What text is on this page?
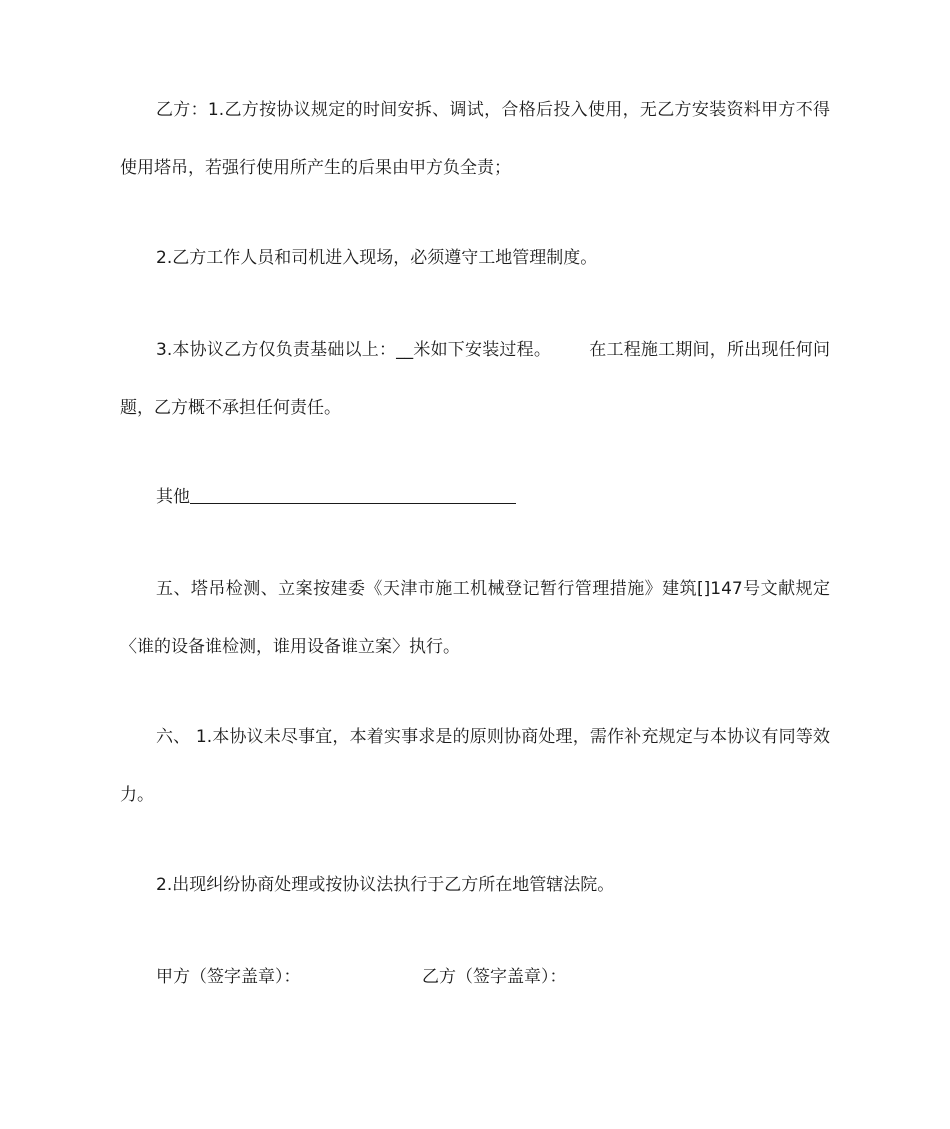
乙方：1.乙方按协议规定的时间安拆、调试，合格后投入使用，无乙方安装资料甲方不得使用塔吊，若强行使用所产生的后果由甲方负全责；

2.乙方工作人员和司机进入现场，必须遵守工地管理制度。

3.本协议乙方仅负责基础以上：__米如下安装过程。 在工程施工期间，所出现任何问题，乙方概不承担任何责任。

其他

五、塔吊检测、立案按建委《天津市施工机械登记暂行管理措施》建筑[]147号文献规定〈谁的设备谁检测，谁用设备谁立案〉执行。

六、 1.本协议未尽事宜，本着实事求是的原则协商处理，需作补充规定与本协议有同等效力。

2.出现纠纷协商处理或按协议法执行于乙方所在地管辖法院。

甲方（签字盖章）：	乙方（签字盖章）：
